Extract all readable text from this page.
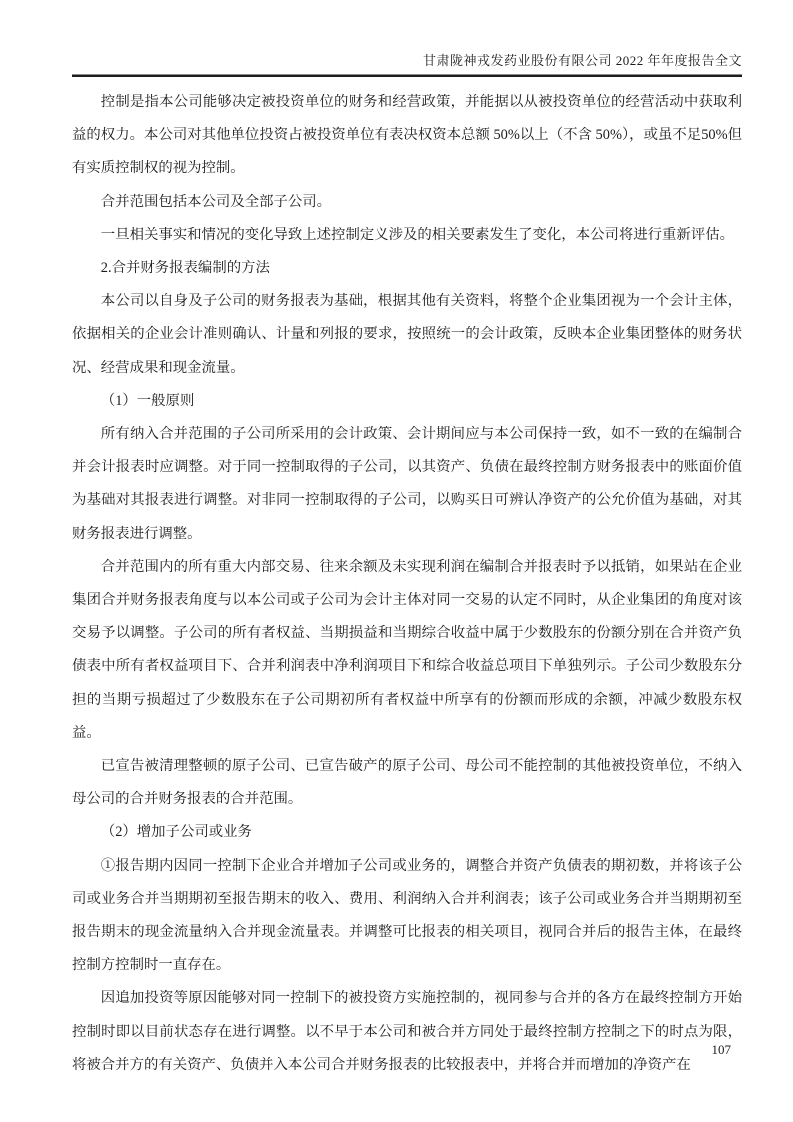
甘肃陇神戎发药业股份有限公司 2022 年年度报告全文

控制是指本公司能够决定被投资单位的财务和经营政策，并能据以从被投资单位的经营活动中获取利益的权力。本公司对其他单位投资占被投资单位有表决权资本总额 50%以上（不含 50%），或虽不足50%但有实质控制权的视为控制。

合并范围包括本公司及全部子公司。

一旦相关事实和情况的变化导致上述控制定义涉及的相关要素发生了变化，本公司将进行重新评估。

2.合并财务报表编制的方法

本公司以自身及子公司的财务报表为基础，根据其他有关资料，将整个企业集团视为一个会计主体，依据相关的企业会计准则确认、计量和列报的要求，按照统一的会计政策，反映本企业集团整体的财务状况、经营成果和现金流量。

（1）一般原则

所有纳入合并范围的子公司所采用的会计政策、会计期间应与本公司保持一致，如不一致的在编制合并会计报表时应调整。对于同一控制取得的子公司，以其资产、负债在最终控制方财务报表中的账面价值为基础对其报表进行调整。对非同一控制取得的子公司，以购买日可辨认净资产的公允价值为基础，对其财务报表进行调整。

合并范围内的所有重大内部交易、往来余额及未实现利润在编制合并报表时予以抵销，如果站在企业集团合并财务报表角度与以本公司或子公司为会计主体对同一交易的认定不同时，从企业集团的角度对该交易予以调整。子公司的所有者权益、当期损益和当期综合收益中属于少数股东的份额分别在合并资产负债表中所有者权益项目下、合并利润表中净利润项目下和综合收益总项目下单独列示。子公司少数股东分担的当期亏损超过了少数股东在子公司期初所有者权益中所享有的份额而形成的余额，冲减少数股东权益。

已宣告被清理整顿的原子公司、已宣告破产的原子公司、母公司不能控制的其他被投资单位，不纳入母公司的合并财务报表的合并范围。

（2）增加子公司或业务

①报告期内因同一控制下企业合并增加子公司或业务的，调整合并资产负债表的期初数，并将该子公司或业务合并当期期初至报告期末的收入、费用、利润纳入合并利润表；该子公司或业务合并当期期初至报告期末的现金流量纳入合并现金流量表。并调整可比报表的相关项目，视同合并后的报告主体，在最终控制方控制时一直存在。

因追加投资等原因能够对同一控制下的被投资方实施控制的，视同参与合并的各方在最终控制方开始控制时即以目前状态存在进行调整。以不早于本公司和被合并方同处于最终控制方控制之下的时点为限，将被合并方的有关资产、负债并入本公司合并财务报表的比较报表中，并将合并而增加的净资产在

107
